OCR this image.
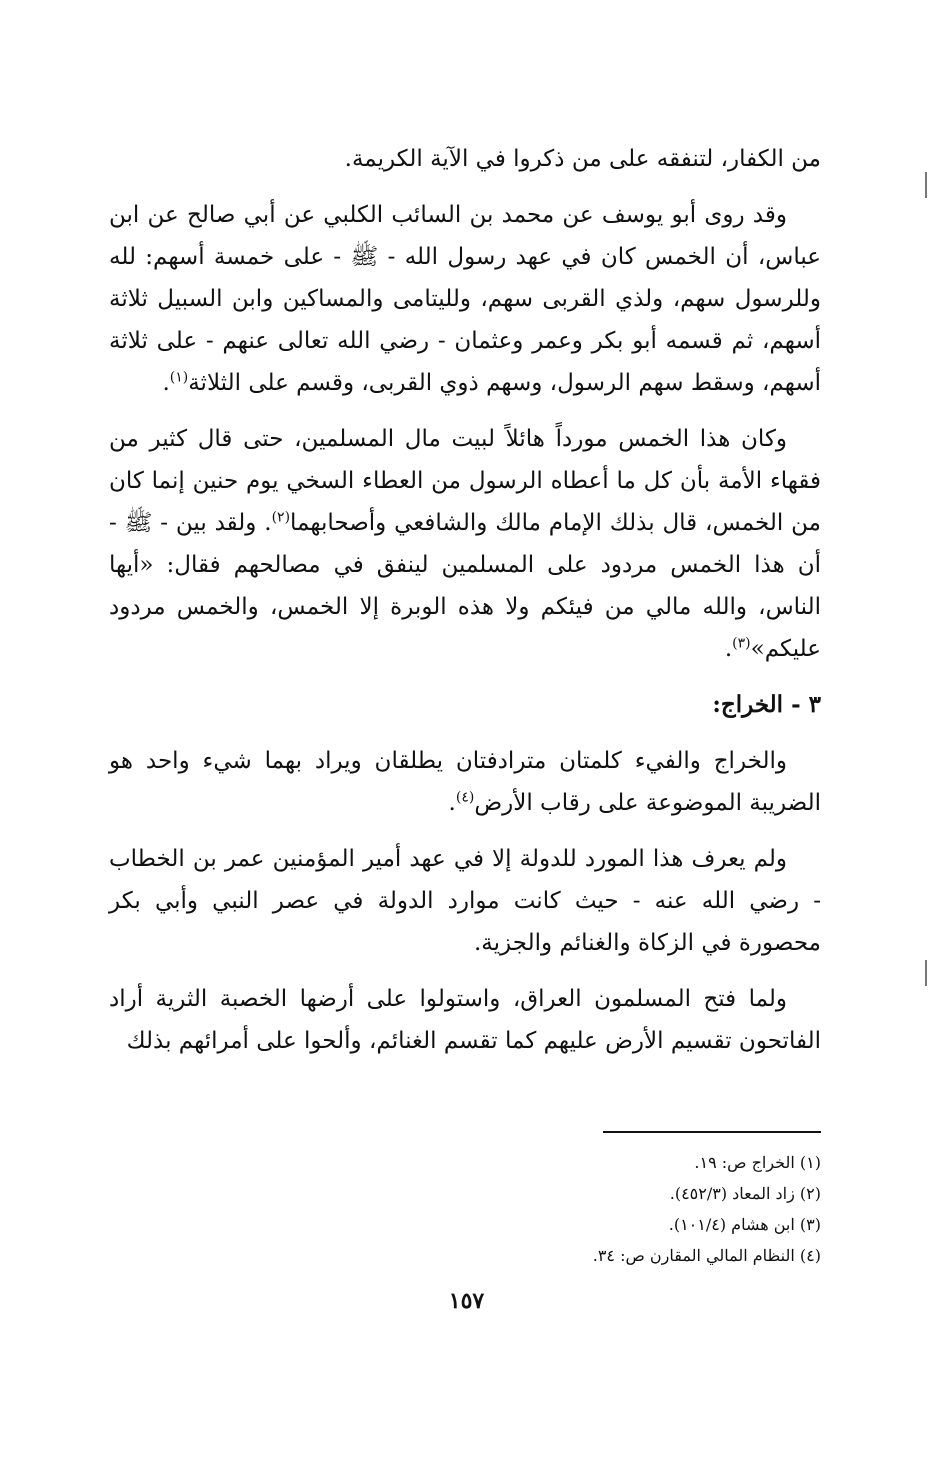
من الكفار، لتنفقه على من ذكروا في الآية الكريمة.

وقد روى أبو يوسف عن محمد بن السائب الكلبي عن أبي صالح عن ابن عباس، أن الخمس كان في عهد رسول الله - ﷺ - على خمسة أسهم: لله وللرسول سهم، ولذي القربى سهم، ولليتامى والمساكين وابن السبيل ثلاثة أسهم، ثم قسمه أبو بكر وعمر وعثمان - رضي الله تعالى عنهم - على ثلاثة أسهم، وسقط سهم الرسول، وسهم ذوي القربى، وقسم على الثلاثة$^{(١)}$.

وكان هذا الخمس مورداً هائلاً لبيت مال المسلمين، حتى قال كثير من فقهاء الأمة بأن كل ما أعطاه الرسول من العطاء السخي يوم حنين إنما كان من الخمس، قال بذلك الإمام مالك والشافعي وأصحابهما$^{(٢)}$. ولقد بين - ﷺ - أن هذا الخمس مردود على المسلمين لينفق في مصالحهم فقال: «أيها الناس، والله مالي من فيئكم ولا هذه الوبرة إلا الخمس، والخمس مردود عليكم»$^{(٣)}$.

٣ - الخراج:

والخراج والفيء كلمتان مترادفتان يطلقان ويراد بهما شيء واحد هو الضريبة الموضوعة على رقاب الأرض$^{(٤)}$.

ولم يعرف هذا المورد للدولة إلا في عهد أمير المؤمنين عمر بن الخطاب - رضي الله عنه - حيث كانت موارد الدولة في عصر النبي وأبي بكر محصورة في الزكاة والغنائم والجزية.

ولما فتح المسلمون العراق، واستولوا على أرضها الخصبة الثرية أراد الفاتحون تقسيم الأرض عليهم كما تقسم الغنائم، وألحوا على أمرائهم بذلك

(١) الخراج ص: ١٩.
(٢) زاد المعاد (٤٥٢/٣).
(٣) ابن هشام (١٠١/٤).
(٤) النظام المالي المقارن ص: ٣٤.
١٥٧
